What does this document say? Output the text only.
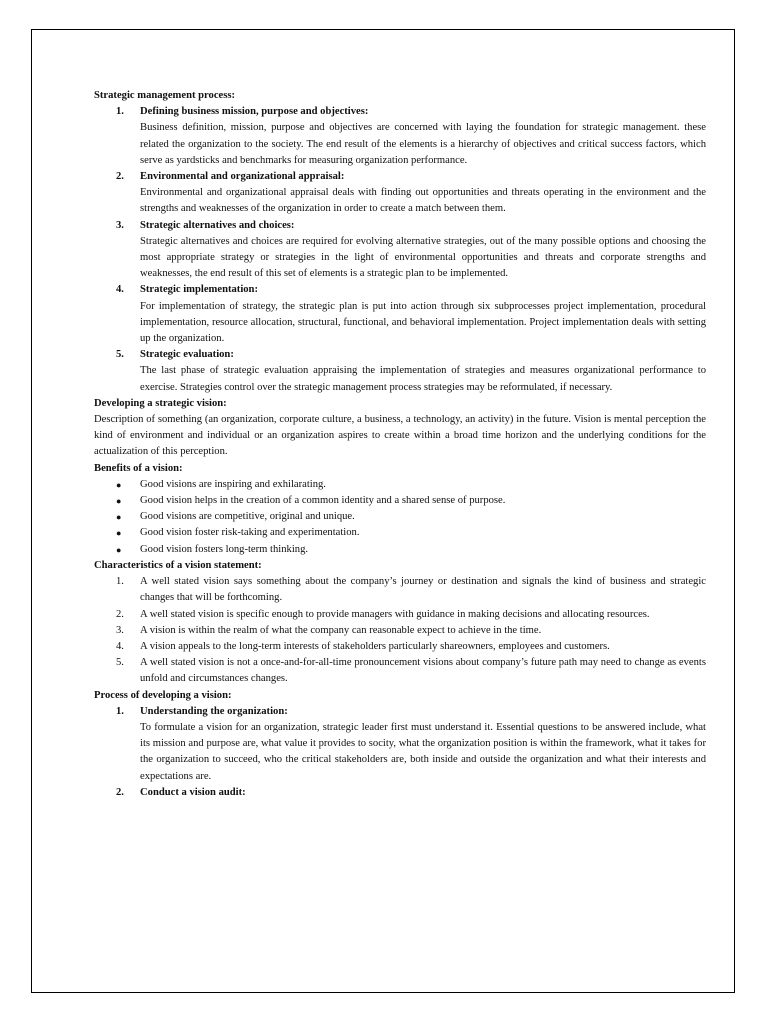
Strategic management process:
1. Defining business mission, purpose and objectives:
Business definition, mission, purpose and objectives are concerned with laying the foundation for strategic management. these related the organization to the society. The end result of the elements is a hierarchy of objectives and critical success factors, which serve as yardsticks and benchmarks for measuring organization performance.
2. Environmental and organizational appraisal:
Environmental and organizational appraisal deals with finding out opportunities and threats operating in the environment and the strengths and weaknesses of the organization in order to create a match between them.
3. Strategic alternatives and choices:
Strategic alternatives and choices are required for evolving alternative strategies, out of the many possible options and choosing the most appropriate strategy or strategies in the light of environmental opportunities and threats and corporate strengths and weaknesses, the end result of this set of elements is a strategic plan to be implemented.
4. Strategic implementation:
For implementation of strategy, the strategic plan is put into action through six subprocesses project implementation, procedural implementation, resource allocation, structural, functional, and behavioral implementation. Project implementation deals with setting up the organization.
5. Strategic evaluation:
The last phase of strategic evaluation appraising the implementation of strategies and measures organizational performance to exercise. Strategies control over the strategic management process strategies may be reformulated, if necessary.
Developing a strategic vision:
Description of something (an organization, corporate culture, a business, a technology, an activity) in the future. Vision is mental perception the kind of environment and individual or an organization aspires to create within a broad time horizon and the underlying conditions for the actualization of this perception.
Benefits of a vision:
● Good visions are inspiring and exhilarating.
● Good vision helps in the creation of a common identity and a shared sense of purpose.
● Good visions are competitive, original and unique.
● Good vision foster risk-taking and experimentation.
● Good vision fosters long-term thinking.
Characteristics of a vision statement:
1. A well stated vision says something about the company’s journey or destination and signals the kind of business and strategic changes that will be forthcoming.
2. A well stated vision is specific enough to provide managers with guidance in making decisions and allocating resources.
3. A vision is within the realm of what the company can reasonable expect to achieve in the time.
4. A vision appeals to the long-term interests of stakeholders particularly shareowners, employees and customers.
5. A well stated vision is not a once-and-for-all-time pronouncement visions about company’s future path may need to change as events unfold and circumstances changes.
Process of developing a vision:
1. Understanding the organization:
To formulate a vision for an organization, strategic leader first must understand it. Essential questions to be answered include, what its mission and purpose are, what value it provides to socity, what the organization position is within the framework, what it takes for the organization to succeed, who the critical stakeholders are, both inside and outside the organization and what their interests and expectations are.
2. Conduct a vision audit:
